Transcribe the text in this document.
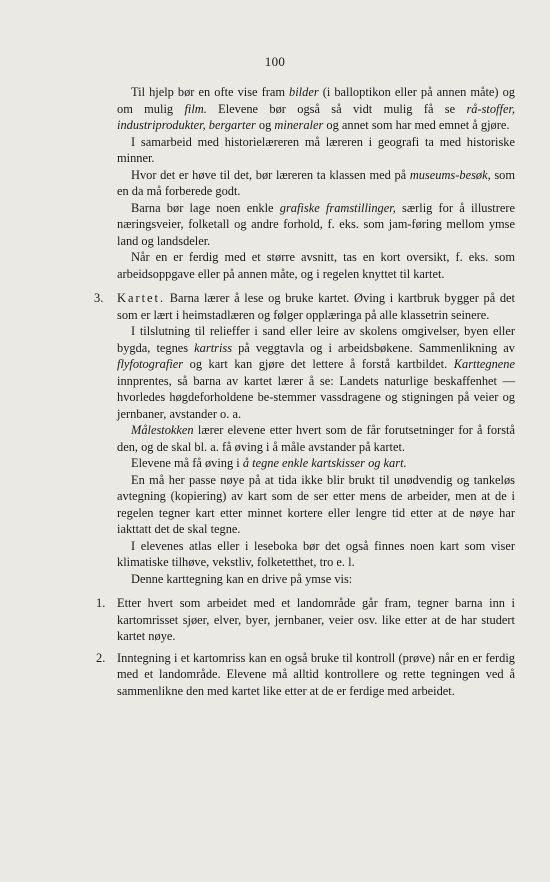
100

Til hjelp bør en ofte vise fram bilder (i balloptikon eller på annen måte) og om mulig film. Elevene bør også så vidt mulig få se rå-stoffer, industriprodukter, bergarter og mineraler og annet som har med emnet å gjøre.

I samarbeid med historielæreren må læreren i geografi ta med historiske minner.

Hvor det er høve til det, bør læreren ta klassen med på museums-besøk, som en da må forberede godt.

Barna bør lage noen enkle grafiske framstillinger, særlig for å illustrere næringsveier, folketall og andre forhold, f. eks. som jam-føring mellom ymse land og landsdeler.

Når en er ferdig med et større avsnitt, tas en kort oversikt, f. eks. som arbeidsoppgave eller på annen måte, og i regelen knyttet til kartet.

3. Kartet. Barna lærer å lese og bruke kartet. Øving i kartbruk bygger på det som er lært i heimstadlæren og følger opplæringa på alle klassetrin seinere.

I tilslutning til relieffer i sand eller leire av skolens omgivelser, byen eller bygda, tegnes kartriss på veggtavla og i arbeidsbøkene. Sammenlikning av flyfotografier og kart kan gjøre det lettere å forstå kartbildet. Karttegnene innprentes, så barna av kartet lærer å se: Landets naturlige beskaffenhet — hvorledes høgdeforholdene be-stemmer vassdragene og stigningen på veier og jernbaner, avstander o. a.

Målestokken lærer elevene etter hvert som de får forutsetninger for å forstå den, og de skal bl. a. få øving i å måle avstander på kartet.

Elevene må få øving i å tegne enkle kartskisser og kart.

En må her passe nøye på at tida ikke blir brukt til unødvendig og tankeløs avtegning (kopiering) av kart som de ser etter mens de arbeider, men at de i regelen tegner kart etter minnet kortere eller lengre tid etter at de nøye har iakttatt det de skal tegne.

I elevenes atlas eller i leseboka bør det også finnes noen kart som viser klimatiske tilhøve, vekstliv, folketetthet, tro e. l.

Denne karttegning kan en drive på ymse vis:

1. Etter hvert som arbeidet med et landområde går fram, tegner barna inn i kartomrisset sjøer, elver, byer, jernbaner, veier osv. like etter at de har studert kartet nøye.

2. Inntegning i et kartomriss kan en også bruke til kontroll (prøve) når en er ferdig med et landområde. Elevene må alltid kontrollere og rette tegningen ved å sammenlikne den med kartet like etter at de er ferdige med arbeidet.
